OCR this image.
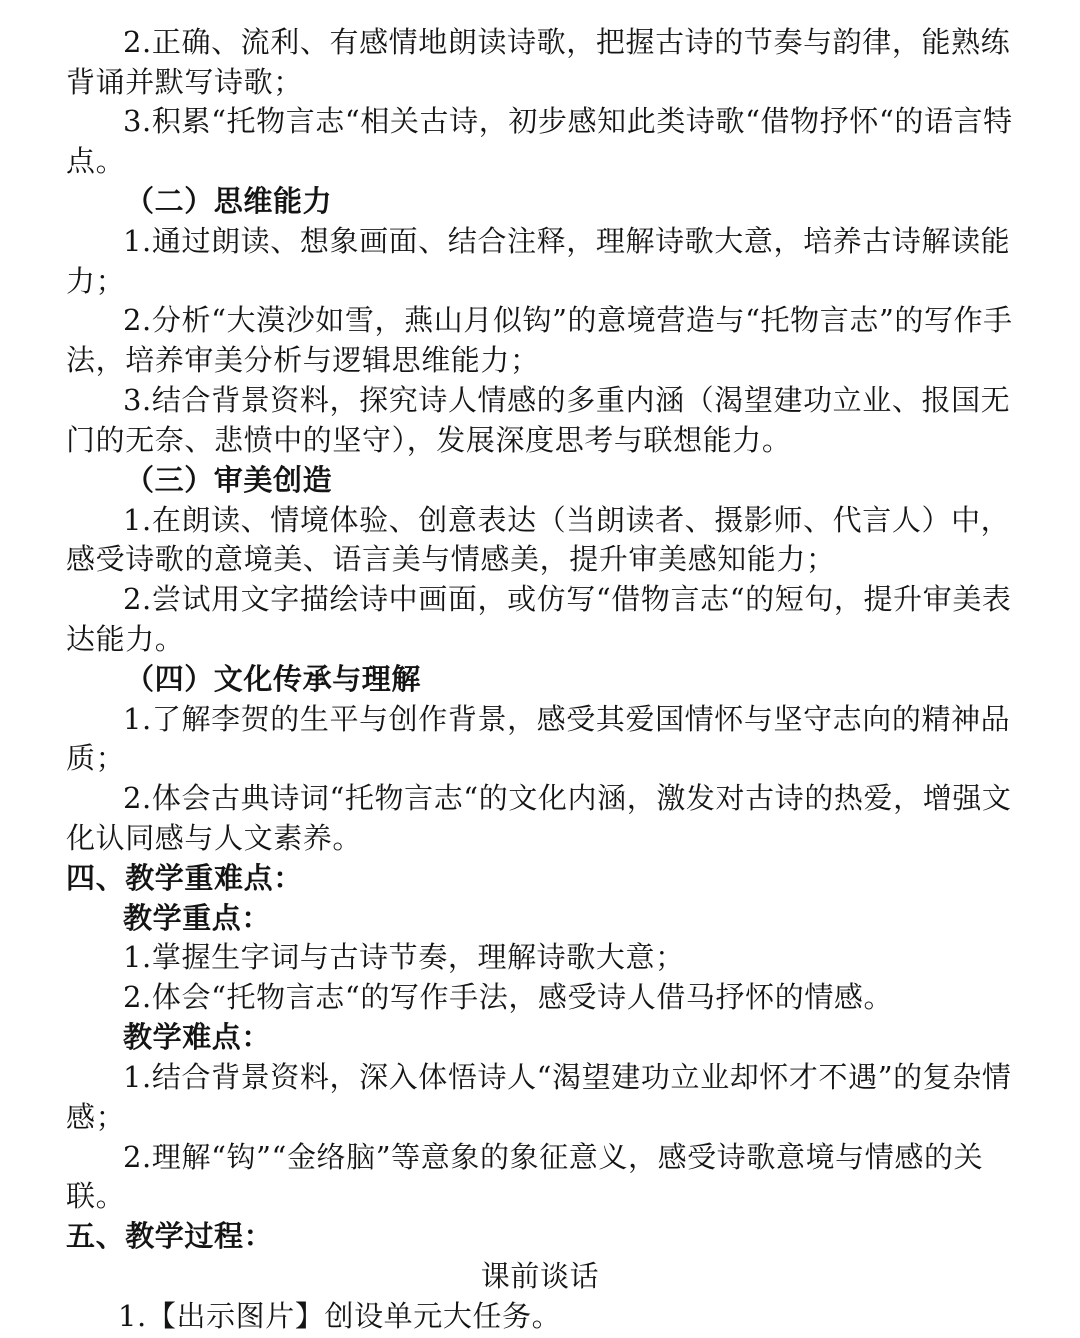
2.正确、流利、有感情地朗读诗歌，把握古诗的节奏与韵律，能熟练
背诵并默写诗歌；
3.积累“托物言志“相关古诗，初步感知此类诗歌“借物抒怀“的语言特
点。
（二）思维能力
1.通过朗读、想象画面、结合注释，理解诗歌大意，培养古诗解读能
力；
2.分析“大漠沙如雪，燕山月似钩”的意境营造与“托物言志”的写作手
法，培养审美分析与逻辑思维能力；
3.结合背景资料，探究诗人情感的多重内涵（渴望建功立业、报国无
门的无奈、悲愤中的坚守），发展深度思考与联想能力。
（三）审美创造
1.在朗读、情境体验、创意表达（当朗读者、摄影师、代言人）中，
感受诗歌的意境美、语言美与情感美，提升审美感知能力；
2.尝试用文字描绘诗中画面，或仿写“借物言志“的短句，提升审美表
达能力。
（四）文化传承与理解
1.了解李贺的生平与创作背景，感受其爱国情怀与坚守志向的精神品
质；
2.体会古典诗词“托物言志“的文化内涵，激发对古诗的热爱，增强文
化认同感与人文素养。
四、教学重难点：
教学重点：
1.掌握生字词与古诗节奏，理解诗歌大意；
2.体会“托物言志“的写作手法，感受诗人借马抒怀的情感。
教学难点：
1.结合背景资料，深入体悟诗人“渴望建功立业却怀才不遇”的复杂情
感；
2.理解“钩”“金络脑”等意象的象征意义，感受诗歌意境与情感的关
联。
五、教学过程：
课前谈话
1.【出示图片】创设单元大任务。
